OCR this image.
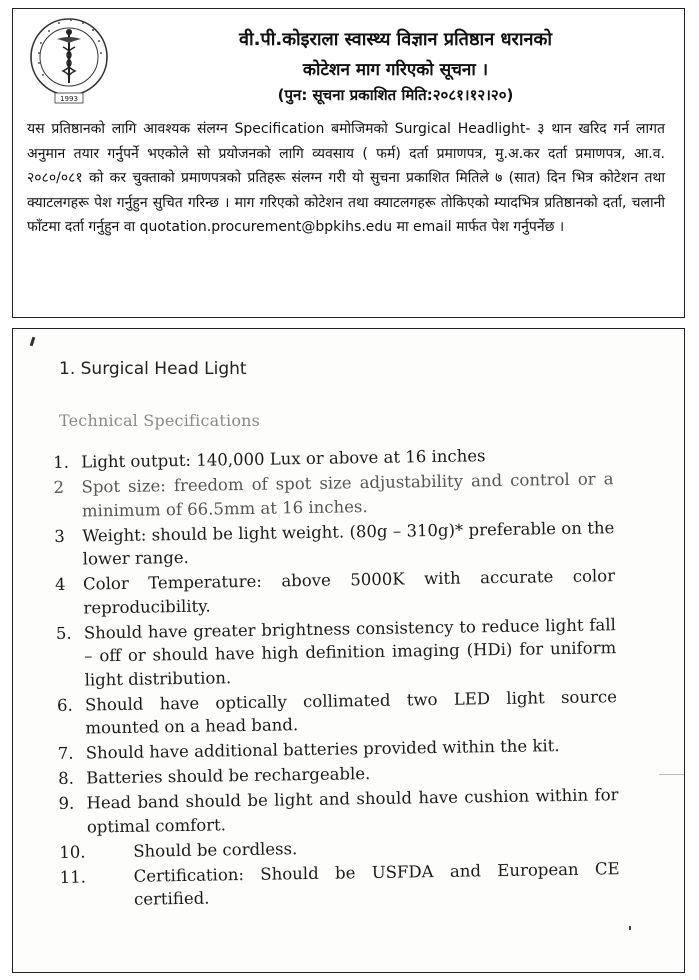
1993
वी.पी.कोइराला स्वास्थ्य विज्ञान प्रतिष्ठान धरानको
कोटेशन माग गरिएको सूचना ।
(पुन: सूचना प्रकाशित मिति:२०८१।१२।२०)

यस प्रतिष्ठानको लागि आवश्यक संलग्न Specification बमोजिमको Surgical Headlight- ३ थान खरिद गर्न लागत अनुमान तयार गर्नुपर्ने भएकोले सो प्रयोजनको लागि व्यवसाय ( फर्म) दर्ता प्रमाणपत्र, मु.अ.कर दर्ता प्रमाणपत्र, आ.व. २०८०/०८१ को कर चुक्ताको प्रमाणपत्रको प्रतिहरू संलग्न गरी यो सुचना प्रकाशित मितिले ७ (सात) दिन भित्र कोटेशन तथा क्याटलगहरू पेश गर्नुहुन सुचित गरिन्छ । माग गरिएको कोटेशन तथा क्याटलगहरू तोकिएको म्यादभित्र प्रतिष्ठानको दर्ता, चलानी फाँटमा दर्ता गर्नुहुन वा quotation.procurement@bpkihs.edu मा email मार्फत पेश गर्नुपर्नेछ ।

1. Surgical Head Light
Technical Specifications
1. Light output: 140,000 Lux or above at 16 inches
2 Spot size: freedom of spot size adjustability and control or a minimum of 66.5mm at 16 inches.
3 Weight: should be light weight. (80g – 310g)* preferable on the lower range.
4 Color Temperature: above 5000K with accurate color reproducibility.
5. Should have greater brightness consistency to reduce light fall – off or should have high definition imaging (HDi) for uniform light distribution.
6. Should have optically collimated two LED light source mounted on a head band.
7. Should have additional batteries provided within the kit.
8. Batteries should be rechargeable.
9. Head band should be light and should have cushion within for optimal comfort.
10.	Should be cordless.
11.	Certification: Should be USFDA and European CE certified.
